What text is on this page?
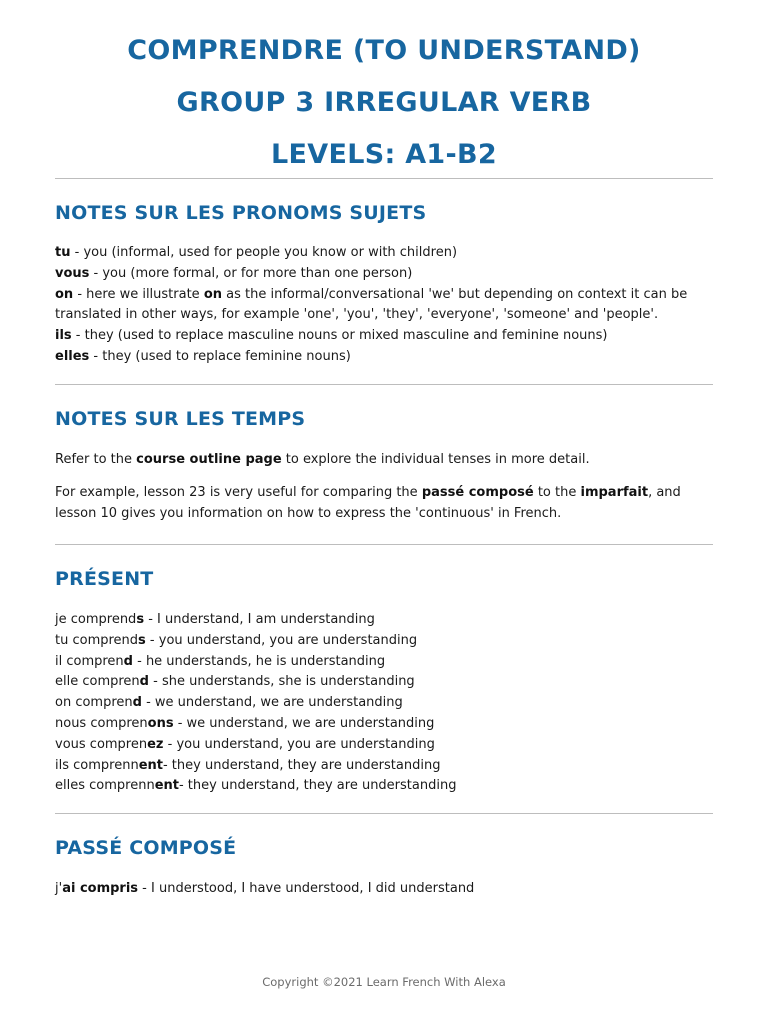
COMPRENDRE (TO UNDERSTAND)

GROUP 3 IRREGULAR VERB

LEVELS: A1-B2

NOTES SUR LES PRONOMS SUJETS

tu - you (informal, used for people you know or with children)

vous - you (more formal, or for more than one person)

on - here we illustrate on as the informal/conversational 'we' but depending on context it can be

translated in other ways, for example 'one', 'you', 'they', 'everyone', 'someone' and 'people'.

ils - they (used to replace masculine nouns or mixed masculine and feminine nouns)

elles - they (used to replace feminine nouns)

NOTES SUR LES TEMPS

Refer to the course outline page to explore the individual tenses in more detail.

For example, lesson 23 is very useful for comparing the passé composé to the imparfait, and
lesson 10 gives you information on how to express the 'continuous' in French.

PRÉSENT

je comprends - I understand, I am understanding

tu comprends - you understand, you are understanding

il comprend - he understands, he is understanding

elle comprend - she understands, she is understanding

on comprend - we understand, we are understanding

nous comprenons - we understand, we are understanding

vous comprenez - you understand, you are understanding

ils comprennent- they understand, they are understanding

elles comprennent- they understand, they are understanding

PASSÉ COMPOSÉ

j'ai compris - I understood, I have understood, I did understand

Copyright ©2021 Learn French With Alexa
